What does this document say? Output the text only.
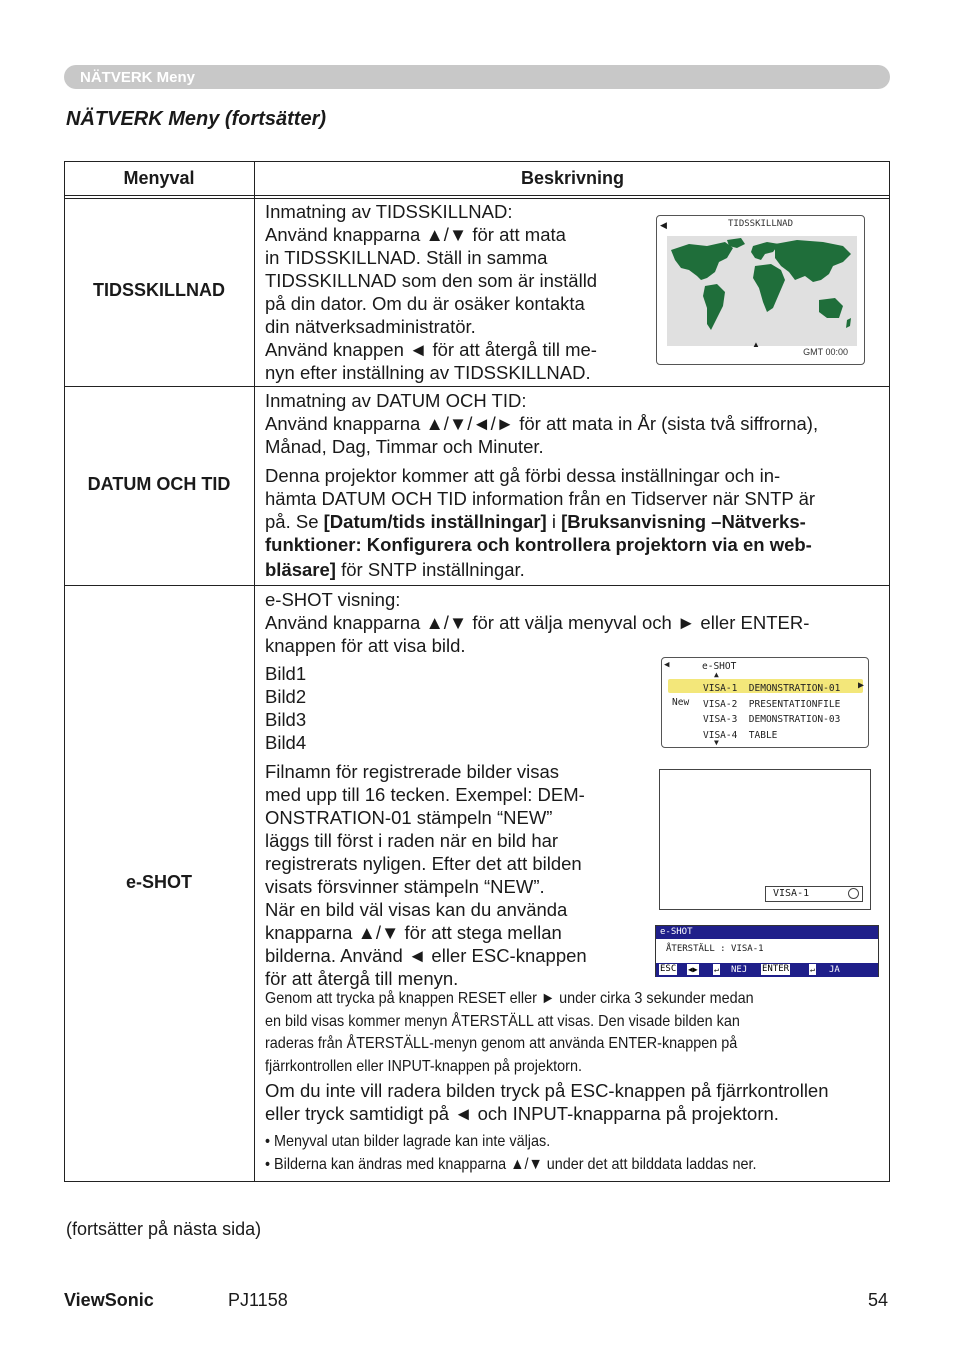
NÄTVERK Meny
NÄTVERK Meny (fortsätter)
Menyval	Beskrivning
TIDSSKILLNAD
Inmatning av TIDSSKILLNAD:
Använd knapparna ▲/▼ för att mata
in TIDSSKILLNAD. Ställ in samma
TIDSSKILLNAD som den som är inställd
på din dator. Om du är osäker kontakta
din nätverksadministratör.
Använd knappen ◄ för att återgå till me-
nyn efter inställning av TIDSSKILLNAD.
TIDSSKILLNAD
◀
▲
GMT 00:00
DATUM OCH TID
Inmatning av DATUM OCH TID:
Använd knapparna ▲/▼/◄/► för att mata in År (sista två siffrorna),
Månad, Dag, Timmar och Minuter.
Denna projektor kommer att gå förbi dessa inställningar och in-
hämta DATUM OCH TID information från en Tidserver när SNTP är
på. Se [Datum/tids inställningar] i [Bruksanvisning –Nätverks-
funktioner: Konfigurera och kontrollera projektorn via en web-
bläsare] för SNTP inställningar.
e-SHOT
e-SHOT visning:
Använd knapparna ▲/▼ för att välja menyval och ► eller ENTER-
knappen för att visa bild.
Bild1
Bild2
Bild3
Bild4
Filnamn för registrerade bilder visas
med upp till 16 tecken. Exempel: DEM-
ONSTRATION-01 stämpeln “NEW”
läggs till först i raden när en bild har
registrerats nyligen. Efter det att bilden
visats försvinner stämpeln “NEW”.
När en bild väl visas kan du använda
knapparna ▲/▼ för att stega mellan
bilderna. Använd ◄ eller ESC-knappen
för att återgå till menyn.
Genom att trycka på knappen RESET eller ► under cirka 3 sekunder medan
en bild visas kommer menyn ÅTERSTÄLL att visas. Den visade bilden kan
raderas från ÅTERSTÄLL-menyn genom att använda ENTER-knappen på
fjärrkontrollen eller INPUT-knappen på projektorn.
Om du inte vill radera bilden tryck på ESC-knappen på fjärrkontrollen
eller tryck samtidigt på ◄ och INPUT-knapparna på projektorn.
• Menyval utan bilder lagrade kan inte väljas.
• Bilderna kan ändras med knapparna ▲/▼ under det att bilddata laddas ner.
◀	e-SHOT
▲
▶
New
VISA-1 DEMONSTRATION-01
VISA-2 PRESENTATIONFILE
VISA-3 DEMONSTRATION-03
VISA-4 TABLE
▼
VISA-1
e-SHOT
ÅTERSTÄLL : VISA-1
ESC ◀▶ ↵ NEJ ENTER	↵ JA
(fortsätter på nästa sida)
ViewSonic	PJ1158	54
